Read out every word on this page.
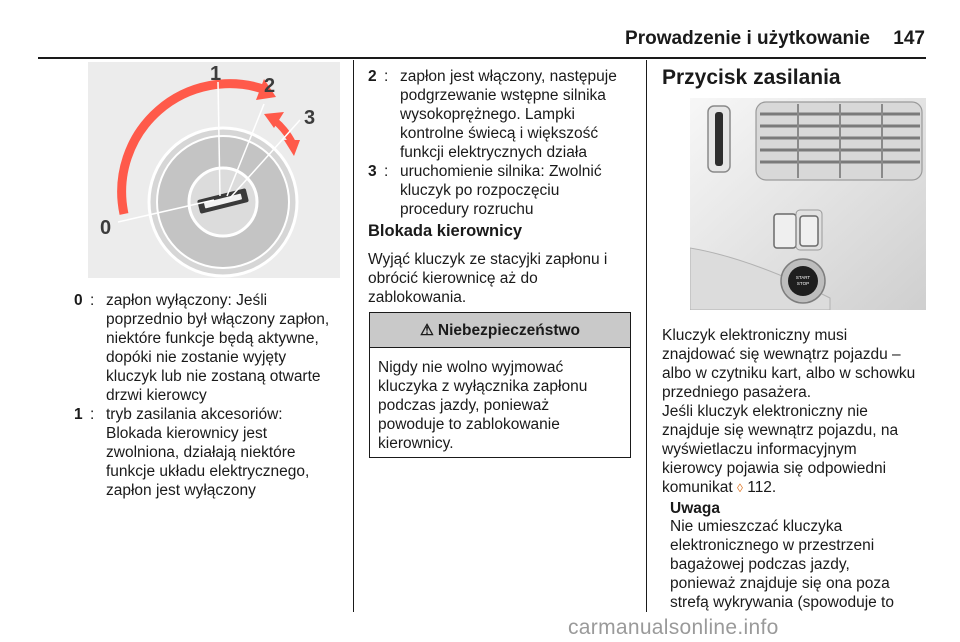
Prowadzenie i użytkowanie	147
0
1
2
3
0 : zapłon wyłączony: Jeśli
poprzednio był włączony zapłon,
niektóre funkcje będą aktywne,
dopóki nie zostanie wyjęty
kluczyk lub nie zostaną otwarte
drzwi kierowcy
1 : tryb zasilania akcesoriów:
Blokada kierownicy jest
zwolniona, działają niektóre
funkcje układu elektrycznego,
zapłon jest wyłączony
2 : zapłon jest włączony, następuje
podgrzewanie wstępne silnika
wysokoprężnego. Lampki
kontrolne świecą i większość
funkcji elektrycznych działa
3 : uruchomienie silnika: Zwolnić
kluczyk po rozpoczęciu
procedury rozruchu
Blokada kierownicy
Wyjąć kluczyk ze stacyjki zapłonu i
obrócić kierownicę aż do
zablokowania.
⚠ Niebezpieczeństwo
Nigdy nie wolno wyjmować
kluczyka z wyłącznika zapłonu
podczas jazdy, ponieważ
powoduje to zablokowanie
kierownicy.
Przycisk zasilania
START
STOP
Kluczyk elektroniczny musi
znajdować się wewnątrz pojazdu –
albo w czytniku kart, albo w schowku
przedniego pasażera.
Jeśli kluczyk elektroniczny nie
znajduje się wewnątrz pojazdu, na
wyświetlaczu informacyjnym
kierowcy pojawia się odpowiedni
komunikat ◊ 112.
Uwaga
Nie umieszczać kluczyka
elektronicznego w przestrzeni
bagażowej podczas jazdy,
ponieważ znajduje się ona poza
strefą wykrywania (spowoduje to
carmanualsonline.info
